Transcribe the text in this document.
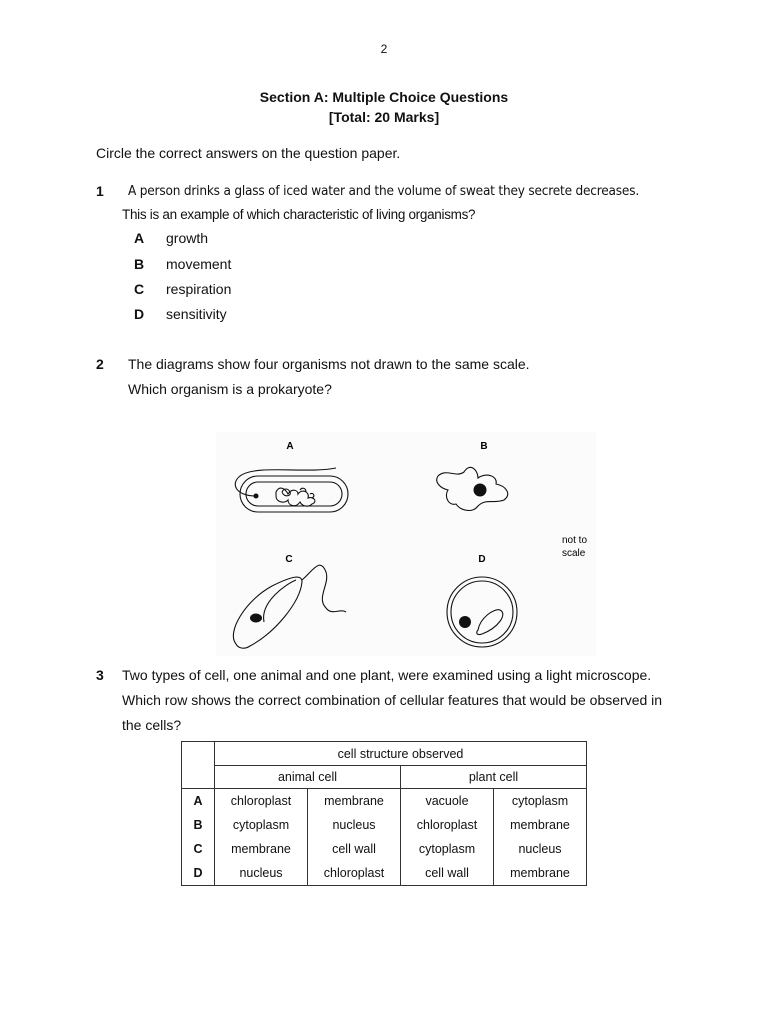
2
Section A: Multiple Choice Questions
[Total: 20 Marks]
Circle the correct answers on the question paper.
1 A person drinks a glass of iced water and the volume of sweat they secrete decreases.
This is an example of which characteristic of living organisms?
A growth
B movement
C respiration
D sensitivity
2 The diagrams show four organisms not drawn to the same scale.
Which organism is a prokaryote?
A	B
C	D
not to
scale
3 Two types of cell, one animal and one plant, were examined using a light microscope.
Which row shows the correct combination of cellular features that would be observed in
the cells?
	cell structure observed			
	animal cell		plant cell	
A	chloroplast	membrane	vacuole	cytoplasm
B	cytoplasm	nucleus	chloroplast	membrane
C	membrane	cell wall	cytoplasm	nucleus
D	nucleus	chloroplast	cell wall	membrane
